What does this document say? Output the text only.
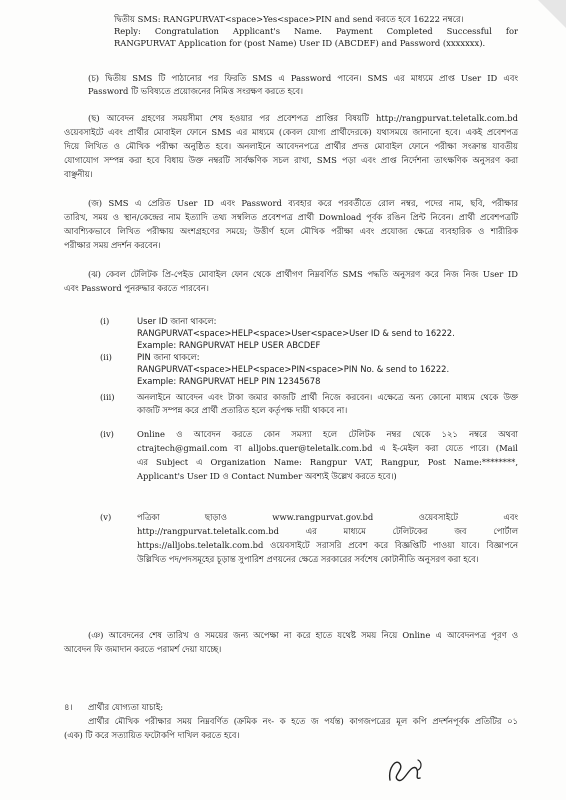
দ্বিতীয় SMS: RANGPURVAT<space>Yes<space>PIN and send করতে হবে 16222 নম্বরে।
Reply: Congratulation Applicant's Name. Payment Completed Successful for
RANGPURVAT Application for (post Name) User ID (ABCDEF) and Password (xxxxxxx).
(চ) দ্বিতীয় SMS টি পাঠানোর পর ফিরতি SMS এ Password পাবেন। SMS এর মাধ্যমে প্রাপ্ত User ID এবং
Password টি ভবিষ্যতে প্রয়োজনের নিমিত্ত সংরক্ষণ করতে হবে।
(ছ) আবেদন গ্রহণের সময়সীমা শেষ হওয়ার পর প্রবেশপত্র প্রাপ্তির বিষয়টি http://rangpurvat.teletalk.com.bd
ওয়েবসাইটে এবং প্রার্থীর মোবাইল ফোনে SMS এর মাধ্যমে (কেবল যোগ্য প্রার্থীদেরকে) যথাসময়ে জানানো হবে। একই প্রবেশপত্র
দিয়ে লিখিত ও মৌখিক পরীক্ষা অনুষ্ঠিত হবে। অনলাইনে আবেদনপত্রে প্রার্থীর প্রদত্ত মোবাইল ফোনে পরীক্ষা সংক্রান্ত যাবতীয়
যোগাযোগ সম্পন্ন করা হবে বিধায় উক্ত নম্বরটি সার্বক্ষণিক সচল রাখা, SMS পড়া এবং প্রাপ্ত নির্দেশনা তাৎক্ষণিক অনুসরণ করা
বাঞ্ছনীয়।
(জ) SMS এ প্রেরিত User ID এবং Password ব্যবহার করে পরবর্তীতে রোল নম্বর, পদের নাম, ছবি, পরীক্ষার
তারিখ, সময় ও স্থান/কেন্দ্রের নাম ইত্যাদি তথ্য সম্বলিত প্রবেশপত্র প্রার্থী Download পূর্বক রঙিন প্রিন্ট নিবেন। প্রার্থী প্রবেশপত্রটি
আবশ্যিকভাবে লিখিত পরীক্ষায় অংশগ্রহণের সময়ে; উত্তীর্ণ হলে মৌখিক পরীক্ষা এবং প্রযোজ্য ক্ষেত্রে ব্যবহারিক ও শারীরিক
পরীক্ষার সময় প্রদর্শন করবেন।
(ঝ) কেবল টেলিটক প্রি-পেইড মোবাইল ফোন থেকে প্রার্থীগণ নিম্নবর্ণিত SMS পদ্ধতি অনুসরণ করে নিজ নিজ User ID
এবং Password পুনরুদ্ধার করতে পারবেন।
(i)	User ID জানা থাকলে:
RANGPURVAT<space>HELP<space>User<space>User ID & send to 16222.
Example: RANGPURVAT HELP USER ABCDEF
(ii)	PIN জানা থাকলে:
RANGPURVAT<space>HELP<space>PIN<space>PIN No. & send to 16222.
Example: RANGPURVAT HELP PIN 12345678
(iii)	অনলাইনে আবেদন এবং টাকা জমার কাজটি প্রার্থী নিজে করবেন। এক্ষেত্রে অন্য কোনো মাধ্যম থেকে উক্ত
কাজটি সম্পন্ন করে প্রার্থী প্রতারিত হলে কর্তৃপক্ষ দায়ী থাকবে না।
(iv)	Online ও আবেদন করতে কোন সমস্যা হলে টেলিটক নম্বর থেকে ১২১ নম্বরে অথবা
ctrajtech@gmail.com বা alljobs.quer@teletalk.com.bd এ ই-মেইল করা যেতে পারে। (Mail
এর Subject এ Organization Name: Rangpur VAT, Rangpur, Post Name:********,
Applicant's User ID ও Contact Number অবশ্যই উল্লেখ করতে হবে।)
(v)	পত্রিকা ছাড়াও www.rangpurvat.gov.bd ওয়েবসাইটে এবং
http://rangpurvat.teletalk.com.bd এর মাধ্যমে টেলিটকের জব পোর্টাল
https://alljobs.teletalk.com.bd ওয়েবসাইটে সরাসরি প্রবেশ করে বিজ্ঞপ্তিটি পাওয়া যাবে। বিজ্ঞাপনে
উল্লিখিত পদ/পদসমূহের চূড়ান্ত সুপারিশ প্রণয়নের ক্ষেত্রে সরকারের সর্বশেষ কোটানীতি অনুসরণ করা হবে।
(ঞ) আবেদনের শেষ তারিখ ও সময়ের জন্য অপেক্ষা না করে হাতে যথেষ্ট সময় নিয়ে Online এ আবেদনপত্র পূরণ ও
আবেদন ফি জমাদান করতে পরামর্শ দেয়া যাচ্ছে।
৪। প্রার্থীর যোগ্যতা যাচাই:
প্রার্থীর মৌখিক পরীক্ষার সময় নিম্নবর্ণিত (ক্রমিক নং- ক হতে জ পর্যন্ত) কাগজপত্রের মূল কপি প্রদর্শনপূর্বক প্রতিটির ০১
(এক) টি করে সত্যায়িত ফটোকপি দাখিল করতে হবে।
